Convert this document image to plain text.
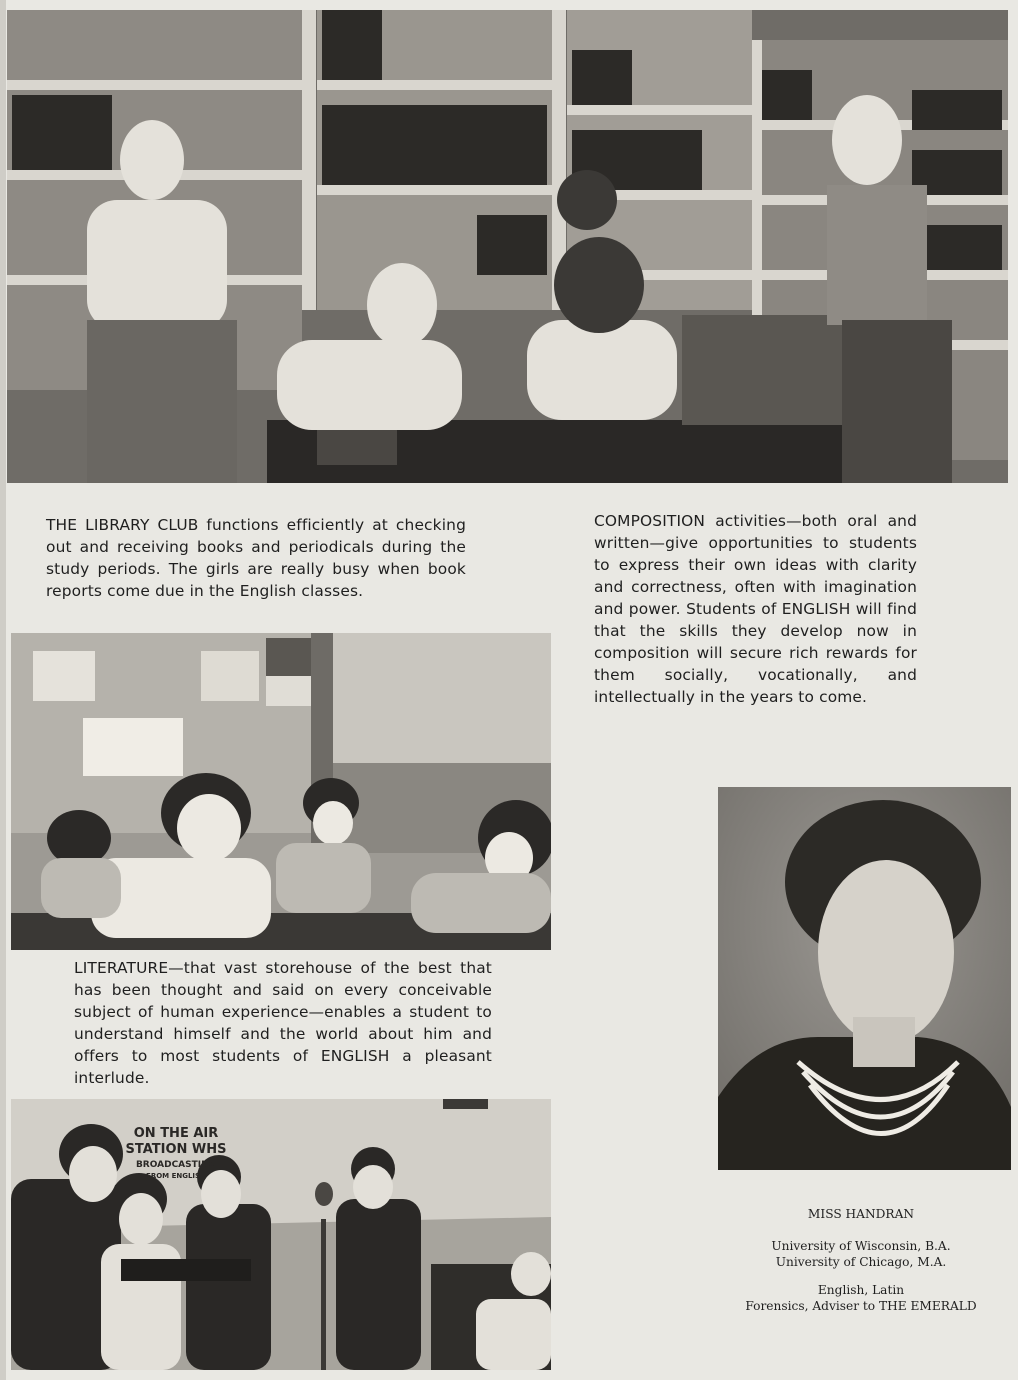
THE LIBRARY CLUB functions efficiently at checking out and receiving books and periodicals during the study periods. The girls are really busy when book reports come due in the English classes.

COMPOSITION activities—both oral and written—give opportunities to students to express their own ideas with clarity and correctness, often with imagination and power. Students of ENGLISH will find that the skills they develop now in composition will secure rich rewards for them socially, vocationally, and intellectually in the years to come.

LITERATURE—that vast storehouse of the best that has been thought and said on every conceivable subject of human experience—enables a student to understand himself and the world about him and offers to most students of ENGLISH a pleasant interlude.

ON THE AIR
STATION WHS
BROADCASTING
FROM ENGLISH

MISS HANDRAN

University of Wisconsin, B.A.

University of Chicago, M.A.

English, Latin

Forensics, Adviser to THE EMERALD
